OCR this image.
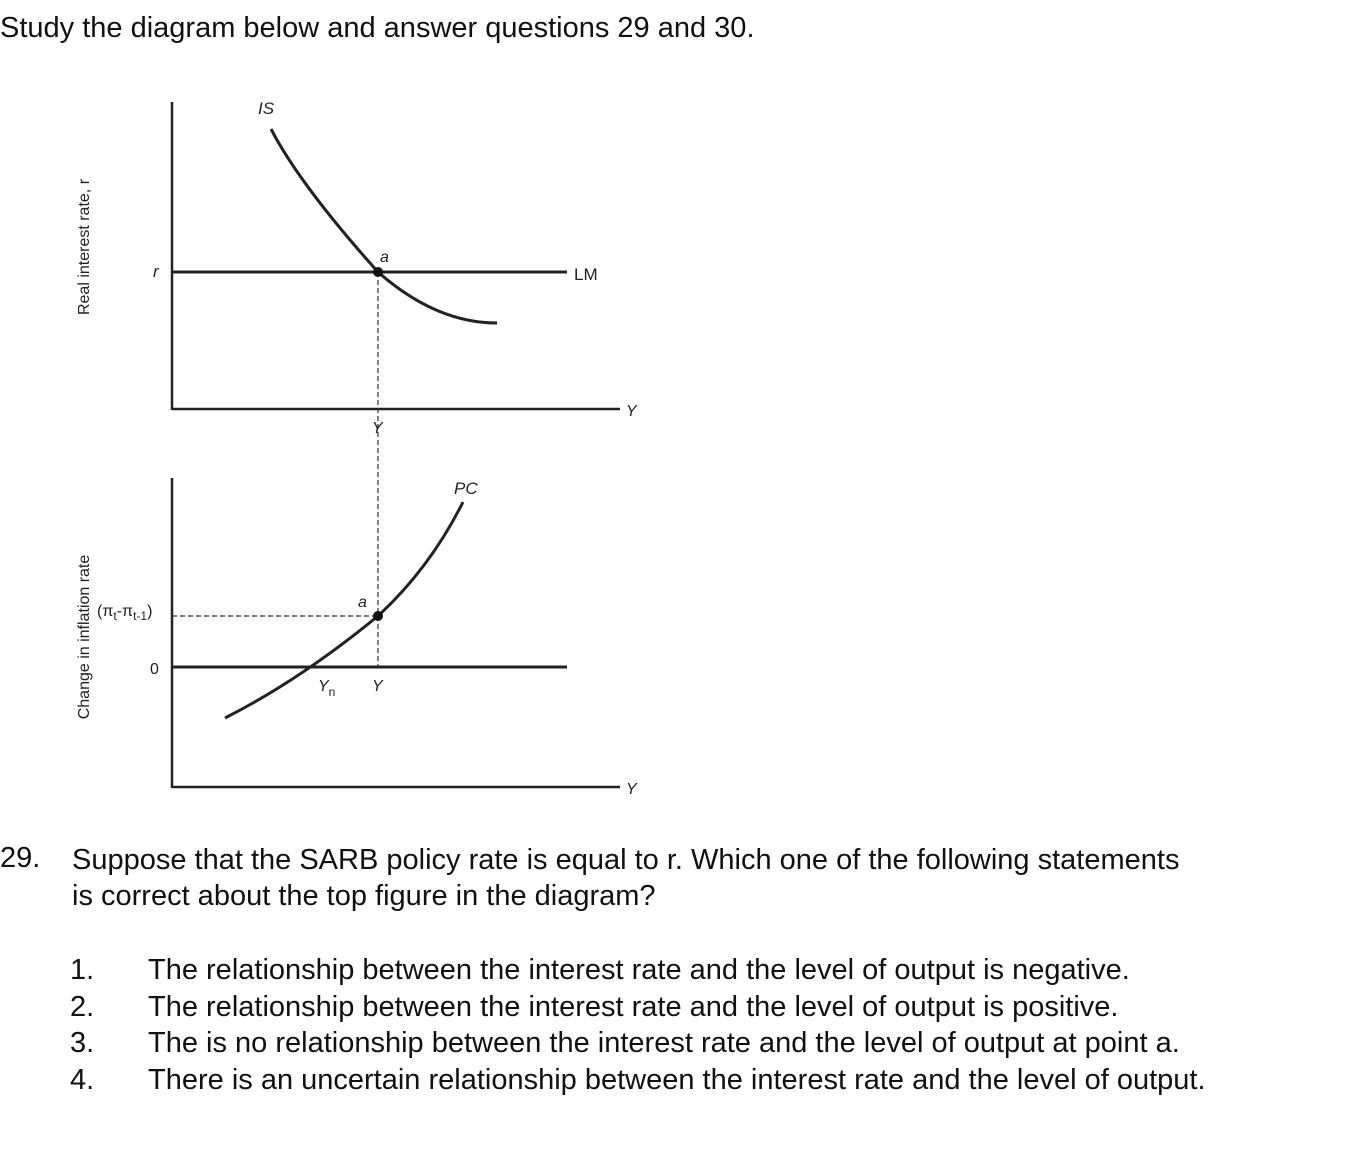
Study the diagram below and answer questions 29 and 30.

Real interest rate, r	r	LM
IS
a
Y
Y
Change in inflation rate	0
$(\pi_t-\pi_{t-1})$
PC
a
$Y_n$ Y
Y
29. Suppose that the SARB policy rate is equal to r. Which one of the following statements is correct about the top figure in the diagram?

1.	The relationship between the interest rate and the level of output is negative.
2.	The relationship between the interest rate and the level of output is positive.
3.	The is no relationship between the interest rate and the level of output at point a.
4.	There is an uncertain relationship between the interest rate and the level of output.
